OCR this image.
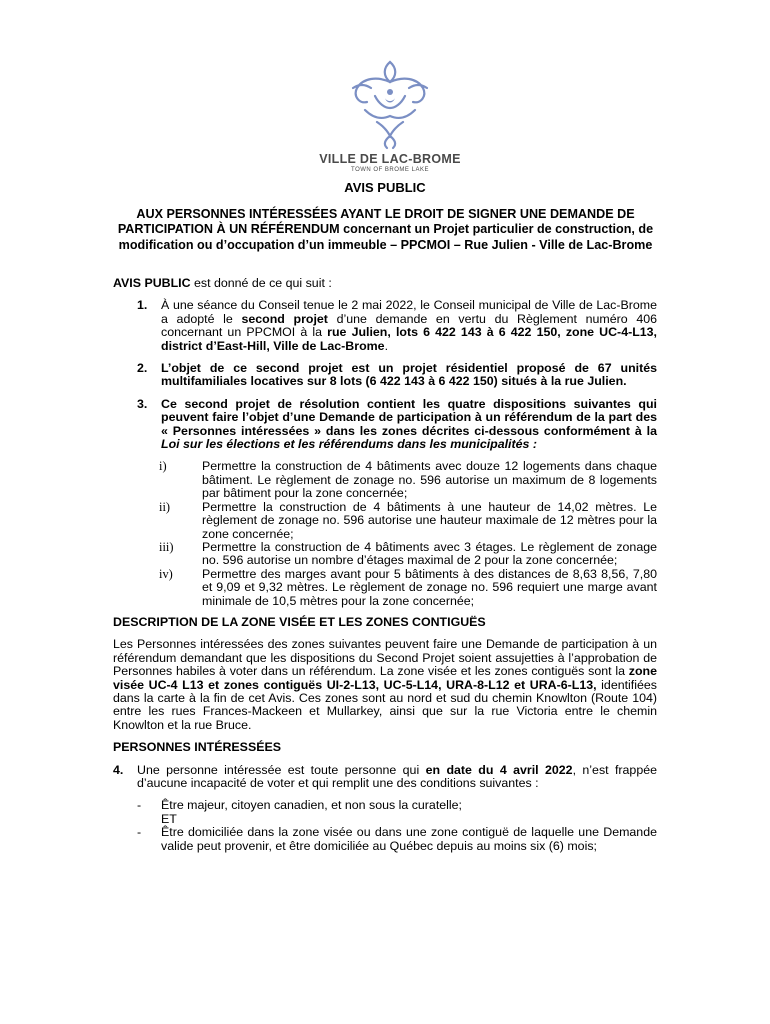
VILLE DE LAC-BROME
TOWN OF BROME LAKE
AVIS PUBLIC
AUX PERSONNES INTÉRESSÉES AYANT LE DROIT DE SIGNER UNE DEMANDE DE PARTICIPATION À UN RÉFÉRENDUM concernant un Projet particulier de construction, de modification ou d’occupation d’un immeuble – PPCMOI – Rue Julien - Ville de Lac-Brome

AVIS PUBLIC est donné de ce qui suit :

1.	À une séance du Conseil tenue le 2 mai 2022, le Conseil municipal de Ville de Lac-Brome a adopté le second projet d’une demande en vertu du Règlement numéro 406 concernant un PPCMOI à la rue Julien, lots 6 422 143 à 6 422 150, zone UC-4-L13, district d’East-Hill, Ville de Lac-Brome.
2.	L’objet de ce second projet est un projet résidentiel proposé de 67 unités multifamiliales locatives sur 8 lots (6 422 143 à 6 422 150) situés à la rue Julien.
3.	Ce second projet de résolution contient les quatre dispositions suivantes qui peuvent faire l’objet d’une Demande de participation à un référendum de la part des « Personnes intéressées » dans les zones décrites ci-dessous conformément à la Loi sur les élections et les référendums dans les municipalités :
i)	Permettre la construction de 4 bâtiments avec douze 12 logements dans chaque bâtiment. Le règlement de zonage no. 596 autorise un maximum de 8 logements par bâtiment pour la zone concernée;
ii)	Permettre la construction de 4 bâtiments à une hauteur de 14,02 mètres. Le règlement de zonage no. 596 autorise une hauteur maximale de 12 mètres pour la zone concernée;
iii)	Permettre la construction de 4 bâtiments avec 3 étages. Le règlement de zonage no. 596 autorise un nombre d’étages maximal de 2 pour la zone concernée;
iv)	Permettre des marges avant pour 5 bâtiments à des distances de 8,63 8,56, 7,80 et 9,09 et 9,32 mètres. Le règlement de zonage no. 596 requiert une marge avant minimale de 10,5 mètres pour la zone concernée;

DESCRIPTION DE LA ZONE VISÉE ET LES ZONES CONTIGUËS

Les Personnes intéressées des zones suivantes peuvent faire une Demande de participation à un référendum demandant que les dispositions du Second Projet soient assujetties à l’approbation de Personnes habiles à voter dans un référendum. La zone visée et les zones contiguës sont la zone visée UC-4 L13 et zones contiguës UI-2-L13, UC-5-L14, URA-8-L12 et URA-6-L13, identifiées dans la carte à la fin de cet Avis. Ces zones sont au nord et sud du chemin Knowlton (Route 104) entre les rues Frances-Mackeen et Mullarkey, ainsi que sur la rue Victoria entre le chemin Knowlton et la rue Bruce.

PERSONNES INTÉRESSÉES

4.	Une personne intéressée est toute personne qui en date du 4 avril 2022, n’est frappée d’aucune incapacité de voter et qui remplit une des conditions suivantes :
-	Être majeur, citoyen canadien, et non sous la curatelle;
ET
-	Être domiciliée dans la zone visée ou dans une zone contiguë de laquelle une Demande valide peut provenir, et être domiciliée au Québec depuis au moins six (6) mois;
